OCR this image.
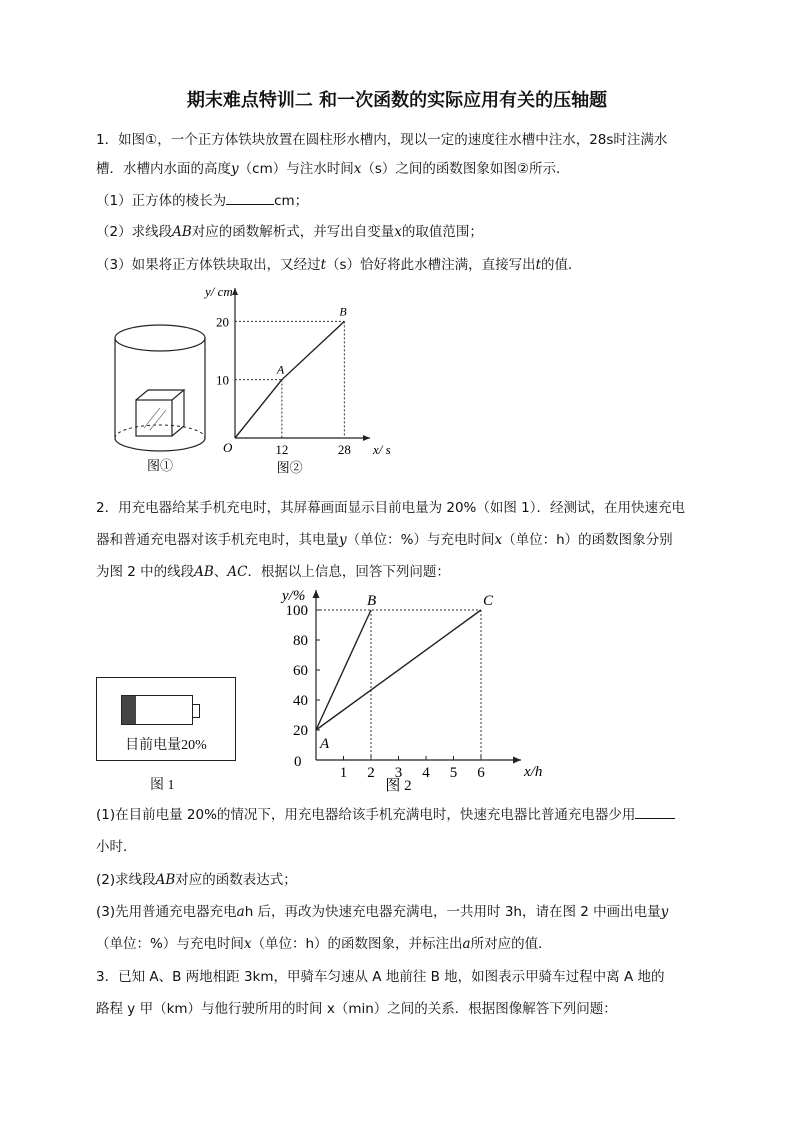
期末难点特训二 和一次函数的实际应用有关的压轴题
1．如图①，一个正方体铁块放置在圆柱形水槽内，现以一定的速度往水槽中注水，28s时注满水
槽．水槽内水面的高度y（cm）与注水时间x（s）之间的函数图象如图②所示．
（1）正方体的棱长为	cm；
（2）求线段AB对应的函数解析式，并写出自变量x的取值范围；
（3）如果将正方体铁块取出，又经过t（s）恰好将此水槽注满，直接写出t的值．
图①
x/ s
y/ cm
O	12	28
10
20
A
B
图②
2．用充电器给某手机充电时，其屏幕画面显示目前电量为 20%（如图 1）．经测试，在用快速充电
器和普通充电器对该手机充电时，其电量y（单位：%）与充电时间x（单位：h）的函数图象分别
为图 2 中的线段AB、AC．根据以上信息，回答下列问题：
目前电量20%
图 1
x/h
y/%
0
1 2 3 4 5 6
20
40
60
80
100
A
B	C
图 2
(1)在目前电量 20%的情况下，用充电器给该手机充满电时，快速充电器比普通充电器少用
小时．
(2)求线段AB对应的函数表达式；
(3)先用普通充电器充电ah 后，再改为快速充电器充满电，一共用时 3h，请在图 2 中画出电量y
（单位：%）与充电时间x（单位：h）的函数图象，并标注出a所对应的值．
3．已知 A、B 两地相距 3km，甲骑车匀速从 A 地前往 B 地，如图表示甲骑车过程中离 A 地的
路程 y 甲（km）与他行驶所用的时间 x（min）之间的关系．根据图像解答下列问题：
